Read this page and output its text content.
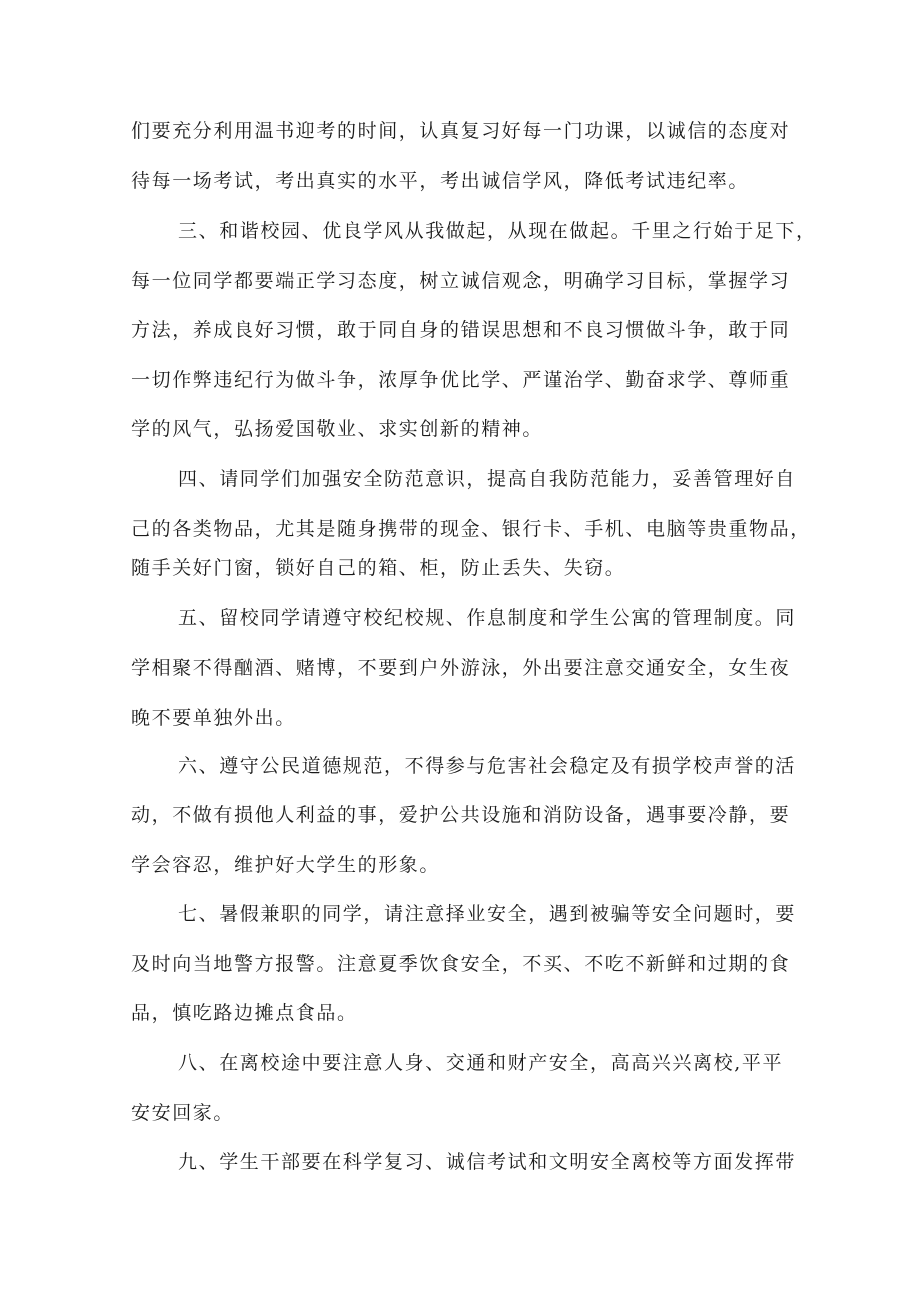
们要充分利用温书迎考的时间，认真复习好每一门功课，以诚信的态度对
待每一场考试，考出真实的水平，考出诚信学风，降低考试违纪率。
三、和谐校园、优良学风从我做起，从现在做起。千里之行始于足下，
每一位同学都要端正学习态度，树立诚信观念，明确学习目标，掌握学习
方法，养成良好习惯，敢于同自身的错误思想和不良习惯做斗争，敢于同
一切作弊违纪行为做斗争，浓厚争优比学、严谨治学、勤奋求学、尊师重
学的风气，弘扬爱国敬业、求实创新的精神。
四、请同学们加强安全防范意识，提高自我防范能力，妥善管理好自
己的各类物品，尤其是随身携带的现金、银行卡、手机、电脑等贵重物品，
随手关好门窗，锁好自己的箱、柜，防止丢失、失窃。
五、留校同学请遵守校纪校规、作息制度和学生公寓的管理制度。同
学相聚不得酗酒、赌博，不要到户外游泳，外出要注意交通安全，女生夜
晚不要单独外出。
六、遵守公民道德规范，不得参与危害社会稳定及有损学校声誉的活
动，不做有损他人利益的事，爱护公共设施和消防设备，遇事要冷静，要
学会容忍，维护好大学生的形象。
七、暑假兼职的同学，请注意择业安全，遇到被骗等安全问题时，要
及时向当地警方报警。注意夏季饮食安全，不买、不吃不新鲜和过期的食
品，慎吃路边摊点食品。
八、在离校途中要注意人身、交通和财产安全，高高兴兴离校,平平
安安回家。
九、学生干部要在科学复习、诚信考试和文明安全离校等方面发挥带
